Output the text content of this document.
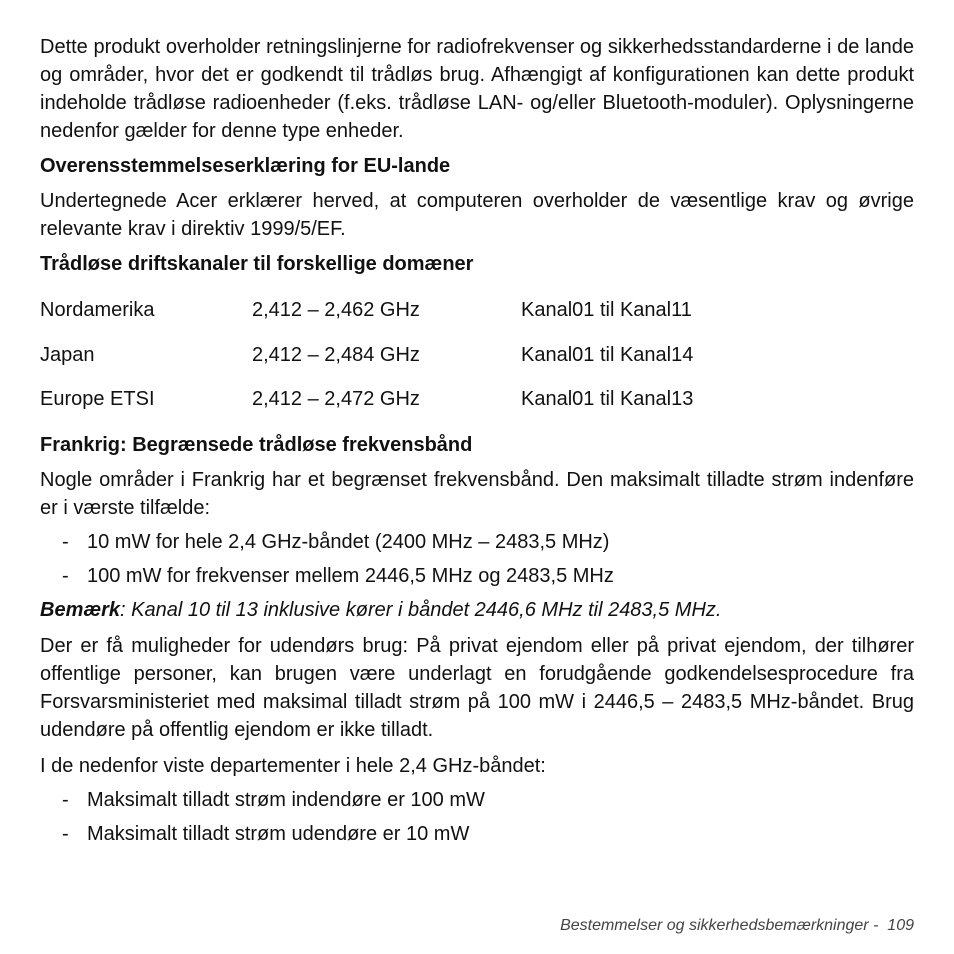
Dette produkt overholder retningslinjerne for radiofrekvenser og sikkerhedsstandarderne i de lande og områder, hvor det er godkendt til trådløs brug. Afhængigt af konfigurationen kan dette produkt indeholde trådløse radioenheder (f.eks. trådløse LAN- og/eller Bluetooth-moduler). Oplysningerne nedenfor gælder for denne type enheder.

Overensstemmelseserklæring for EU-lande

Undertegnede Acer erklærer herved, at computeren overholder de væsentlige krav og øvrige relevante krav i direktiv 1999/5/EF.

Trådløse driftskanaler til forskellige domæner

Nordamerika	2,412 – 2,462 GHz	Kanal01 til Kanal11
Japan	2,412 – 2,484 GHz	Kanal01 til Kanal14
Europe ETSI	2,412 – 2,472 GHz	Kanal01 til Kanal13

Frankrig: Begrænsede trådløse frekvensbånd

Nogle områder i Frankrig har et begrænset frekvensbånd. Den maksimalt tilladte strøm indenføre er i værste tilfælde:

- 10 mW for hele 2,4 GHz-båndet (2400 MHz – 2483,5 MHz)
- 100 mW for frekvenser mellem 2446,5 MHz og 2483,5 MHz

Bemærk: Kanal 10 til 13 inklusive kører i båndet 2446,6 MHz til 2483,5 MHz.

Der er få muligheder for udendørs brug: På privat ejendom eller på privat ejendom, der tilhører offentlige personer, kan brugen være underlagt en forudgående godkendelsesprocedure fra Forsvarsministeriet med maksimal tilladt strøm på 100 mW i 2446,5 – 2483,5 MHz-båndet. Brug udendøre på offentlig ejendom er ikke tilladt.

I de nedenfor viste departementer i hele 2,4 GHz-båndet:

- Maksimalt tilladt strøm indendøre er 100 mW
- Maksimalt tilladt strøm udendøre er 10 mW
Bestemmelser og sikkerhedsbemærkninger - 109
